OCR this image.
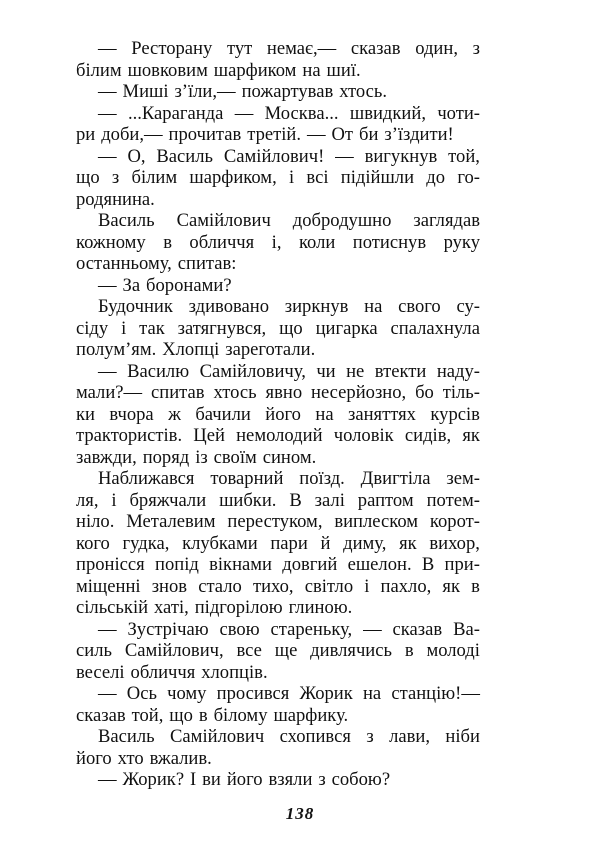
— Ресторану тут немає,— сказав один, з
білим шовковим шарфиком на шиї.
— Миші з’їли,— пожартував хтось.
— ...Караганда — Москва... швидкий, чоти-
ри доби,— прочитав третій. — От би з’їздити!
— О, Василь Самійлович! — вигукнув той,
що з білим шарфиком, і всі підійшли до го-
родянина.
Василь Самійлович добродушно заглядав
кожному в обличчя і, коли потиснув руку
останньому, спитав:
— За боронами?
Будочник здивовано зиркнув на свого су-
сіду і так затягнувся, що цигарка спалахнула
полум’ям. Хлопці зареготали.
— Василю Самійловичу, чи не втекти наду-
мали?— спитав хтось явно несерйозно, бо тіль-
ки вчора ж бачили його на заняттях курсів
трактористів. Цей немолодий чоловік сидів, як
завжди, поряд із своїм сином.
Наближався товарний поїзд. Двигтіла зем-
ля, і бряжчали шибки. В залі раптом потем-
ніло. Металевим перестуком, виплеском корот-
кого гудка, клубками пари й диму, як вихор,
пронісся попід вікнами довгий ешелон. В при-
міщенні знов стало тихо, світло і пахло, як в
сільській хаті, підгорілою глиною.
— Зустрічаю свою стареньку, — сказав Ва-
силь Самійлович, все ще дивлячись в молоді
веселі обличчя хлопців.
— Ось чому просився Жорик на станцію!—
сказав той, що в білому шарфику.
Василь Самійлович схопився з лави, ніби
його хто вжалив.
— Жорик? І ви його взяли з собою?
138
